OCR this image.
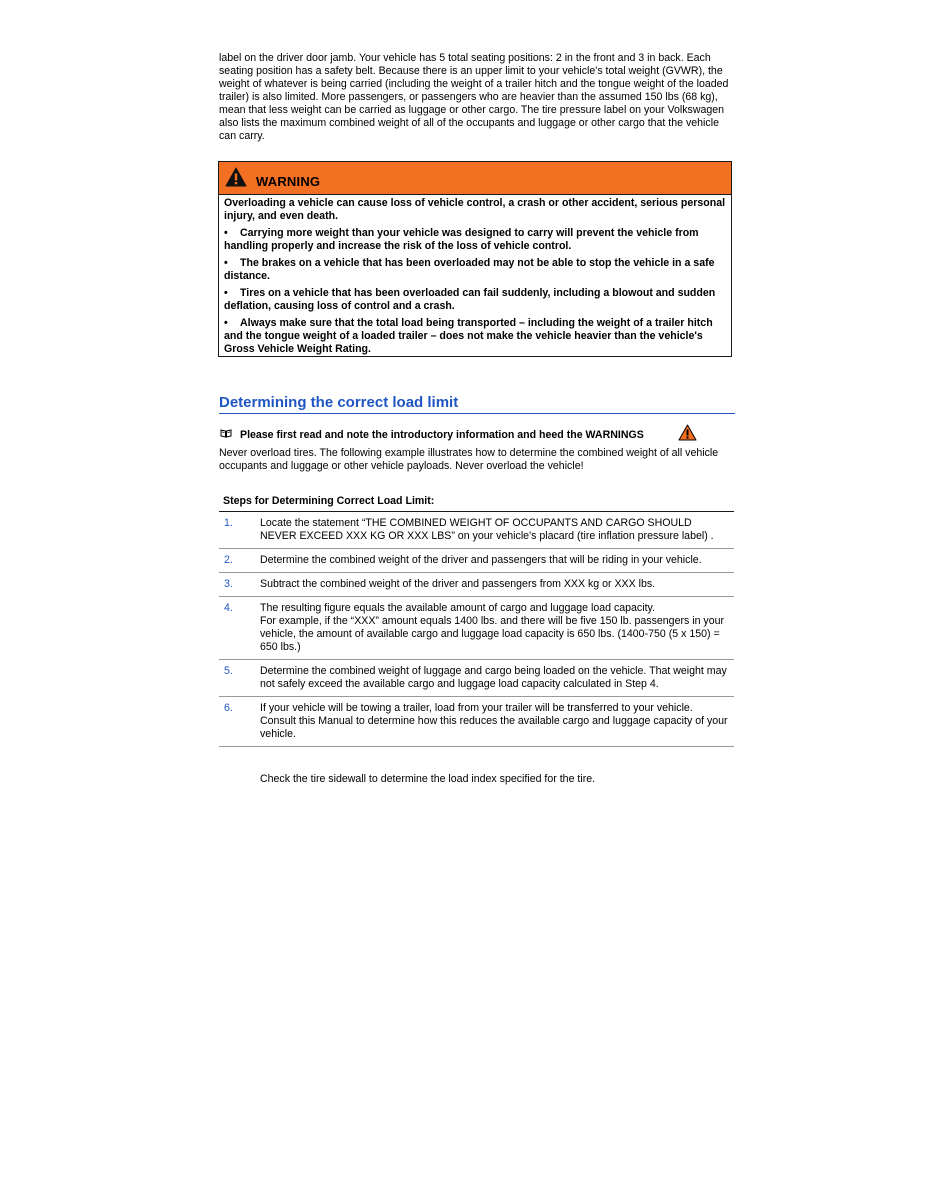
label on the driver door jamb. Your vehicle has 5 total seating positions: 2 in the front and 3 in back. Each seating position has a safety belt. Because there is an upper limit to your vehicle's total weight (GVWR), the weight of whatever is being carried (including the weight of a trailer hitch and the tongue weight of the loaded trailer) is also limited. More passengers, or passengers who are heavier than the assumed 150 lbs (68 kg), mean that less weight can be carried as luggage or other cargo. The tire pressure label on your Volkswagen also lists the maximum combined weight of all of the occupants and luggage or other cargo that the vehicle can carry.

WARNING

Overloading a vehicle can cause loss of vehicle control, a crash or other accident, serious personal injury, and even death.

• Carrying more weight than your vehicle was designed to carry will prevent the vehicle from handling properly and increase the risk of the loss of vehicle control.

• The brakes on a vehicle that has been overloaded may not be able to stop the vehicle in a safe distance.

• Tires on a vehicle that has been overloaded can fail suddenly, including a blowout and sudden deflation, causing loss of control and a crash.

• Always make sure that the total load being transported – including the weight of a trailer hitch and the tongue weight of a loaded trailer – does not make the vehicle heavier than the vehicle's Gross Vehicle Weight Rating.

Determining the correct load limit
Please first read and note the introductory information and heed the WARNINGS

Never overload tires. The following example illustrates how to determine the combined weight of all vehicle occupants and luggage or other vehicle payloads. Never overload the vehicle!

Steps for Determining Correct Load Limit:
1.	Locate the statement “THE COMBINED WEIGHT OF OCCUPANTS AND CARGO SHOULD NEVER EXCEED XXX KG OR XXX LBS” on your vehicle's placard (tire inflation pressure label) .

2.	Determine the combined weight of the driver and passengers that will be riding in your vehicle.

3.	Subtract the combined weight of the driver and passengers from XXX kg or XXX lbs.

4.	The resulting figure equals the available amount of cargo and luggage load capacity.

For example, if the “XXX” amount equals 1400 lbs. and there will be five 150 lb. passengers in your vehicle, the amount of available cargo and luggage load capacity is 650 lbs. (1400-750 (5 x 150) = 650 lbs.)

5.	Determine the combined weight of luggage and cargo being loaded on the vehicle. That weight may not safely exceed the available cargo and luggage load capacity calculated in Step 4.

6.	If your vehicle will be towing a trailer, load from your trailer will be transferred to your vehicle. Consult this Manual to determine how this reduces the available cargo and luggage capacity of your vehicle.

Check the tire sidewall to determine the load index specified for the tire.
